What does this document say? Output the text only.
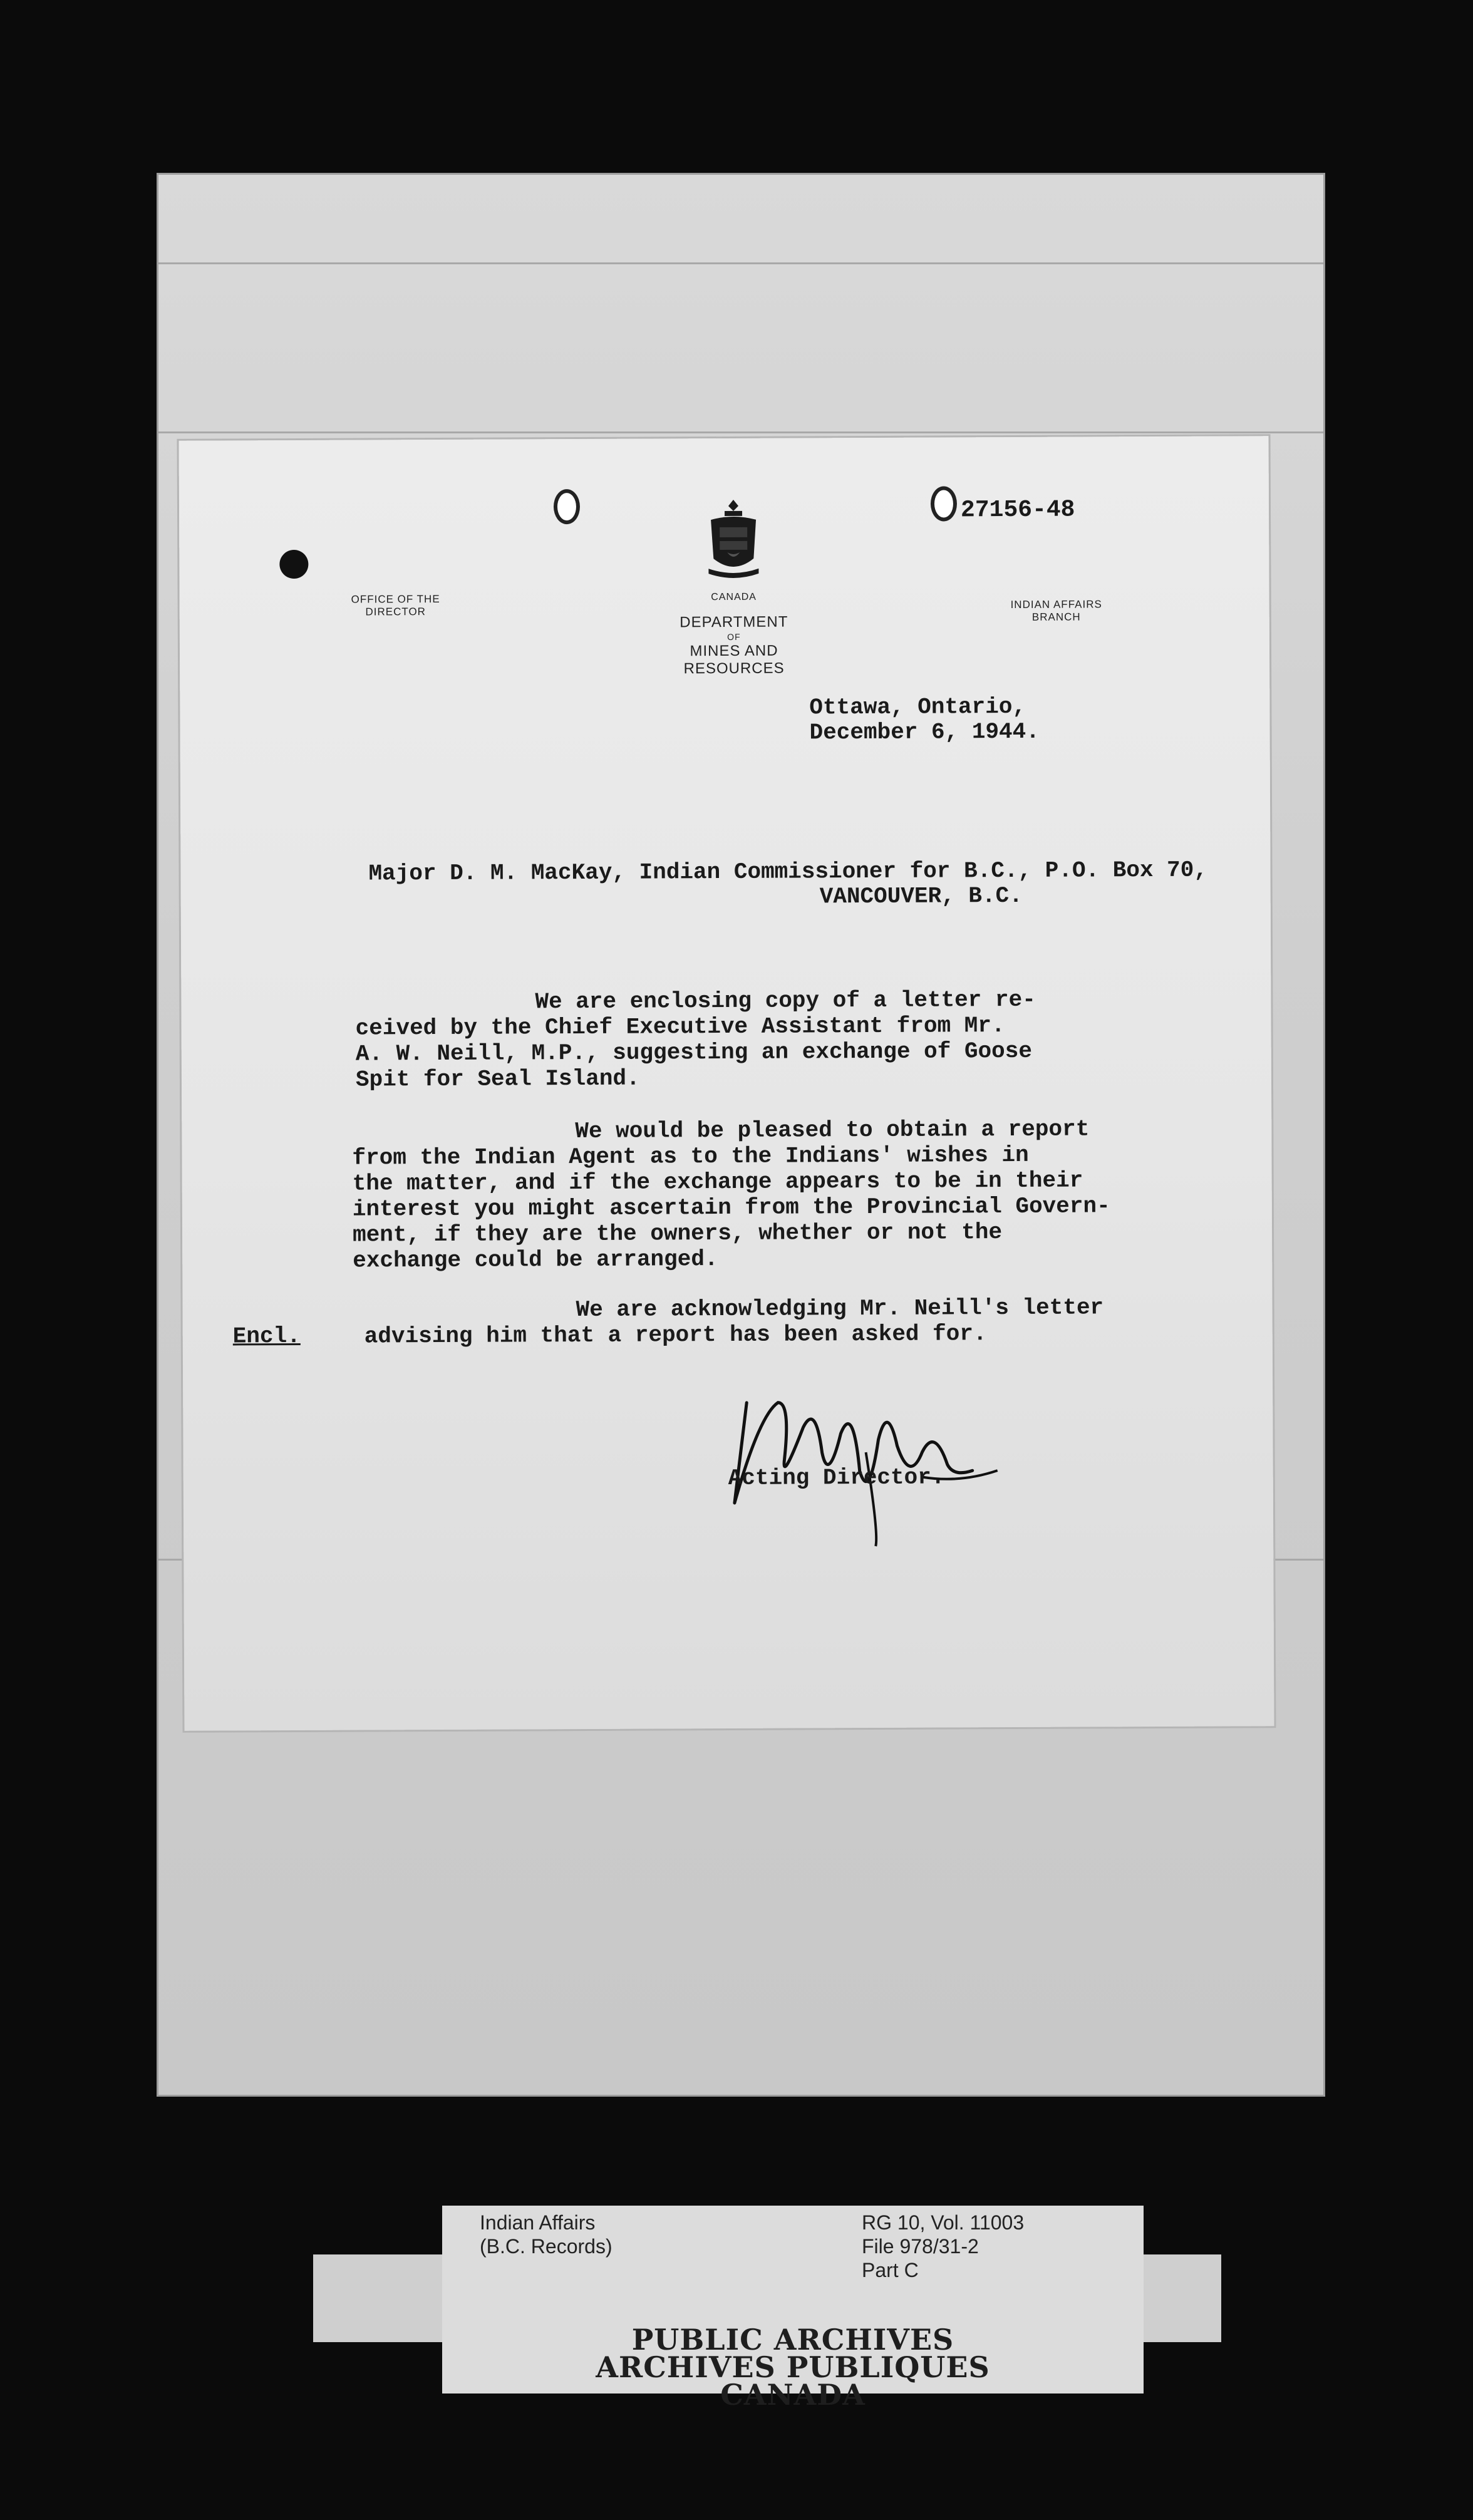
27156-48
OFFICE OF THE
DIRECTOR
INDIAN AFFAIRS
BRANCH
CANADA
DEPARTMENT
OF
MINES AND RESOURCES
Ottawa, Ontario,
December 6, 1944.
Major D. M. MacKay, Indian Commissioner for B.C., P.O. Box 70,
VANCOUVER, B.C.
We are enclosing copy of a letter re-
ceived by the Chief Executive Assistant from Mr.
A. W. Neill, M.P., suggesting an exchange of Goose
Spit for Seal Island.
We would be pleased to obtain a report
from the Indian Agent as to the Indians' wishes in
the matter, and if the exchange appears to be in their
interest you might ascertain from the Provincial Govern-
ment, if they are the owners, whether or not the
exchange could be arranged.
We are acknowledging Mr. Neill's letter
advising him that a report has been asked for.
Encl.
Acting Director.
Indian Affairs
(B.C. Records)
RG 10, Vol. 11003
File 978/31-2
Part C
PUBLIC ARCHIVES
ARCHIVES PUBLIQUES
CANADA
